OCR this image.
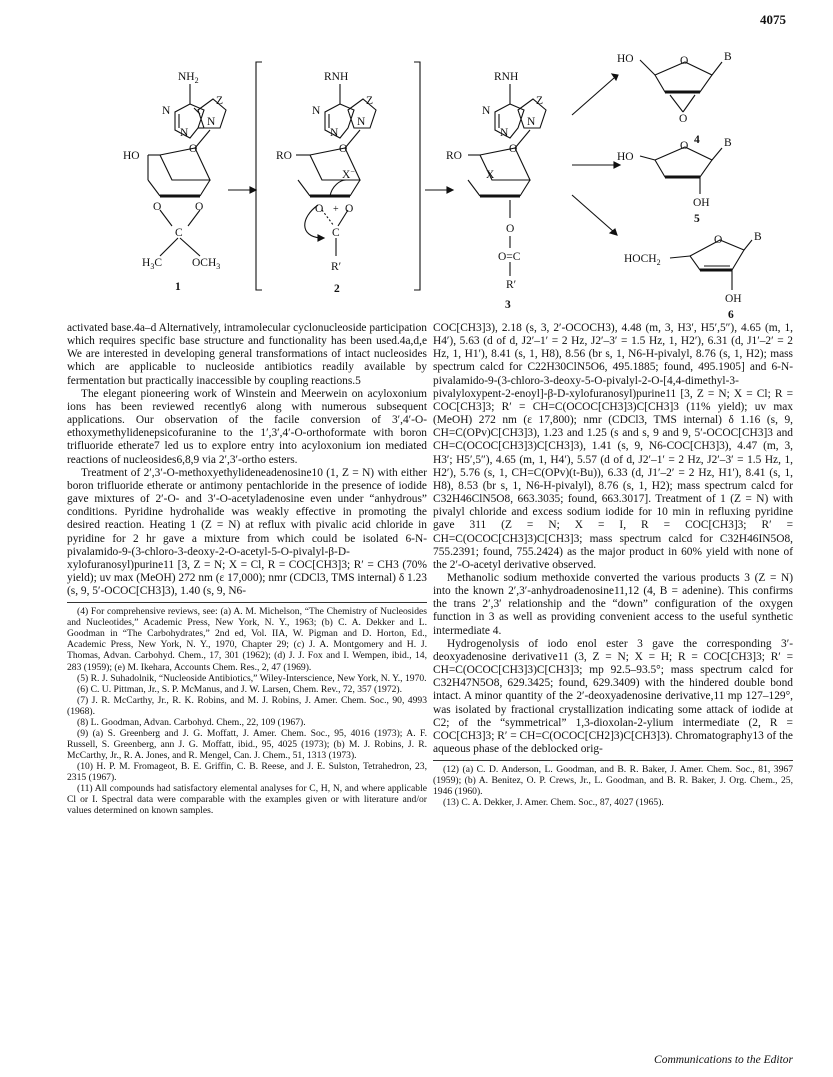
4075
$NH_2$
N
N
Z
N
HO
O
O	O
C
$H_3C$	$OCH_3$
1
RNH
N
N
Z
N
RO
O
X−
O + O
C
R′
2
RNH
N
N
Z
N
RO
O
X
O
O=C
R′
3
HO	O	B
O
4
HO
O	B
OH
5
$HOCH_2$
O	B
OH
6

activated base.4a–d Alternatively, intramolecular cyclonucleoside participation which requires specific base structure and functionality has been used.4a,d,e We are interested in developing general transformations of intact nucleosides which are applicable to nucleoside antibiotics readily available by fermentation but practically inaccessible by coupling reactions.5

The elegant pioneering work of Winstein and Meerwein on acyloxonium ions has been reviewed recently6 along with numerous subsequent applications. Our observation of the facile conversion of 3′,4′-O-ethoxymethylidenepsicofuranine to the 1′,3′,4′-O-orthoformate with boron trifluoride etherate7 led us to explore entry into acyloxonium ion mediated reactions of nucleosides6,8,9 via 2′,3′-ortho esters.

Treatment of 2′,3′-O-methoxyethylideneadenosine10 (1, Z = N) with either boron trifluoride etherate or antimony pentachloride in the presence of iodide gave mixtures of 2′-O- and 3′-O-acetyladenosine even under “anhydrous” conditions. Pyridine hydrohalide was weakly effective in promoting the desired reaction. Heating 1 (Z = N) at reflux with pivalic acid chloride in pyridine for 2 hr gave a mixture from which could be isolated 6-N-pivalamido-9-(3-chloro-3-deoxy-2-O-acetyl-5-O-pivalyl-β-D-xylofuranosyl)purine11 [3, Z = N; X = Cl, R = COC[CH3]3; R′ = CH3 (70% yield); uv max (MeOH) 272 nm (ε 17,000); nmr (CDCl3, TMS internal) δ 1.23 (s, 9, 5′-OCOC[CH3]3), 1.40 (s, 9, N6-

(4) For comprehensive reviews, see: (a) A. M. Michelson, “The Chemistry of Nucleosides and Nucleotides,” Academic Press, New York, N. Y., 1963; (b) C. A. Dekker and L. Goodman in “The Carbohydrates,” 2nd ed, Vol. IIA, W. Pigman and D. Horton, Ed., Academic Press, New York, N. Y., 1970, Chapter 29; (c) J. A. Montgomery and H. J. Thomas, Advan. Carbohyd. Chem., 17, 301 (1962); (d) J. J. Fox and I. Wempen, ibid., 14, 283 (1959); (e) M. Ikehara, Accounts Chem. Res., 2, 47 (1969).
(5) R. J. Suhadolnik, “Nucleoside Antibiotics,” Wiley-Interscience, New York, N. Y., 1970.
(6) C. U. Pittman, Jr., S. P. McManus, and J. W. Larsen, Chem. Rev., 72, 357 (1972).
(7) J. R. McCarthy, Jr., R. K. Robins, and M. J. Robins, J. Amer. Chem. Soc., 90, 4993 (1968).
(8) L. Goodman, Advan. Carbohyd. Chem., 22, 109 (1967).
(9) (a) S. Greenberg and J. G. Moffatt, J. Amer. Chem. Soc., 95, 4016 (1973); A. F. Russell, S. Greenberg, ann J. G. Moffatt, ibid., 95, 4025 (1973); (b) M. J. Robins, J. R. McCarthy, Jr., R. A. Jones, and R. Mengel, Can. J. Chem., 51, 1313 (1973).
(10) H. P. M. Fromageot, B. E. Griffin, C. B. Reese, and J. E. Sulston, Tetrahedron, 23, 2315 (1967).
(11) All compounds had satisfactory elemental analyses for C, H, N, and where applicable Cl or I. Spectral data were comparable with the examples given or with literature and/or values determined on known samples.

COC[CH3]3), 2.18 (s, 3, 2′-OCOCH3), 4.48 (m, 3, H3′, H5′,5″), 4.65 (m, 1, H4′), 5.63 (d of d, J2′–1′ = 2 Hz, J2′–3′ = 1.5 Hz, 1, H2′), 6.31 (d, J1′–2′ = 2 Hz, 1, H1′), 8.41 (s, 1, H8), 8.56 (br s, 1, N6-H-pivalyl, 8.76 (s, 1, H2); mass spectrum calcd for C22H30ClN5O6, 495.1885; found, 495.1905] and 6-N-pivalamido-9-(3-chloro-3-deoxy-5-O-pivalyl-2-O-[4,4-dimethyl-3-pivalyloxypent-2-enoyl]-β-D-xylofuranosyl)purine11 [3, Z = N; X = Cl; R = COC[CH3]3; R′ = CH=C(OCOC[CH3]3)C[CH3]3 (11% yield); uv max (MeOH) 272 nm (ε 17,800); nmr (CDCl3, TMS internal) δ 1.16 (s, 9, CH=C(OPv)C[CH3]3), 1.23 and 1.25 (s and s, 9 and 9, 5′-OCOC[CH3]3 and CH=C(OCOC[CH3]3)C[CH3]3), 1.41 (s, 9, N6-COC[CH3]3), 4.47 (m, 3, H3′; H5′,5″), 4.65 (m, 1, H4′), 5.57 (d of d, J2′–1′ = 2 Hz, J2′–3′ = 1.5 Hz, 1, H2′), 5.76 (s, 1, CH=C(OPv)(t-Bu)), 6.33 (d, J1′–2′ = 2 Hz, H1′), 8.41 (s, 1, H8), 8.53 (br s, 1, N6-H-pivalyl), 8.76 (s, 1, H2); mass spectrum calcd for C32H46ClN5O8, 663.3035; found, 663.3017]. Treatment of 1 (Z = N) with pivalyl chloride and excess sodium iodide for 10 min in refluxing pyridine gave 311 (Z = N; X = I, R = COC[CH3]3; R′ = CH=C(OCOC[CH3]3)C[CH3]3; mass spectrum calcd for C32H46IN5O8, 755.2391; found, 755.2424) as the major product in 60% yield with none of the 2′-O-acetyl derivative observed.

Methanolic sodium methoxide converted the various products 3 (Z = N) into the known 2′,3′-anhydroadenosine11,12 (4, B = adenine). This confirms the trans 2′,3′ relationship and the “down” configuration of the oxygen function in 3 as well as providing convenient access to the useful synthetic intermediate 4.

Hydrogenolysis of iodo enol ester 3 gave the corresponding 3′-deoxyadenosine derivative11 (3, Z = N; X = H; R = COC[CH3]3; R′ = CH=C(OCOC[CH3]3)C[CH3]3; mp 92.5–93.5°; mass spectrum calcd for C32H47N5O8, 629.3425; found, 629.3409) with the hindered double bond intact. A minor quantity of the 2′-deoxyadenosine derivative,11 mp 127–129°, was isolated by fractional crystallization indicating some attack of iodide at C2; of the “symmetrical” 1,3-dioxolan-2-ylium intermediate (2, R = COC[CH3]3; R′ = CH=C(OCOC[CH2]3)C[CH3]3). Chromatography13 of the aqueous phase of the deblocked orig-

(12) (a) C. D. Anderson, L. Goodman, and B. R. Baker, J. Amer. Chem. Soc., 81, 3967 (1959); (b) A. Benitez, O. P. Crews, Jr., L. Goodman, and B. R. Baker, J. Org. Chem., 25, 1946 (1960).
(13) C. A. Dekker, J. Amer. Chem. Soc., 87, 4027 (1965).
Communications to the Editor
